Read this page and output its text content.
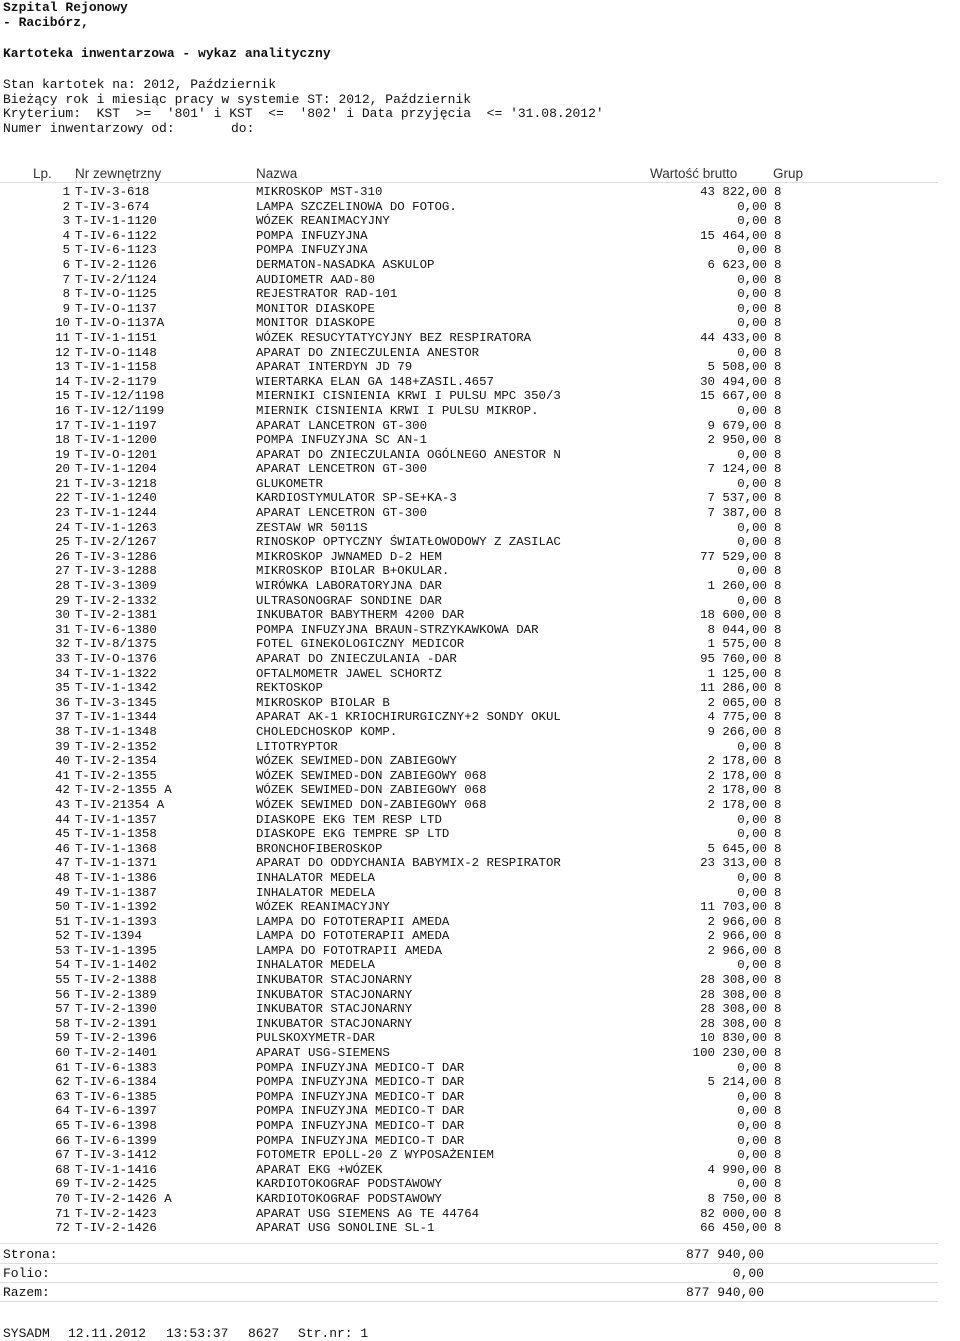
Szpital Rejonowy
- Racibórz,
Kartoteka inwentarzowa - wykaz analityczny
Stan kartotek na: 2012, Październik
Bieżący rok i miesiąc pracy w systemie ST: 2012, Październik
Kryterium:  KST  >=  '801' i KST  <=  '802' i Data przyjęcia  <= '31.08.2012'
Numer inwentarzowy od:	do:
Lp. Nr zewnętrzny	Nazwa	Wartość brutto	Grup
1 T-IV-3-618	MIKROSKOP MST-310	43 822,00 8
2 T-IV-3-674	LAMPA SZCZELINOWA DO FOTOG.	0,00 8
3 T-IV-1-1120	WÓZEK REANIMACYJNY	0,00 8
4 T-IV-6-1122	POMPA INFUZYJNA	15 464,00 8
5 T-IV-6-1123	POMPA INFUZYJNA	0,00 8
6 T-IV-2-1126	DERMATON-NASADKA ASKULOP	6 623,00 8
7 T-IV-2/1124	AUDIOMETR AAD-80	0,00 8
8 T-IV-O-1125	REJESTRATOR RAD-101	0,00 8
9 T-IV-O-1137	MONITOR DIASKOPE	0,00 8
10 T-IV-O-1137A	MONITOR DIASKOPE	0,00 8
11 T-IV-1-1151	WÓZEK RESUCYTATYCYJNY BEZ RESPIRATORA	44 433,00 8
12 T-IV-O-1148	APARAT DO ZNIECZULENIA ANESTOR	0,00 8
13 T-IV-1-1158	APARAT INTERDYN JD 79	5 508,00 8
14 T-IV-2-1179	WIERTARKA ELAN GA 148+ZASIL.4657	30 494,00 8
15 T-IV-12/1198	MIERNIKI CISNIENIA KRWI I PULSU MPC 350/3	15 667,00 8
16 T-IV-12/1199	MIERNIK CISNIENIA KRWI I PULSU MIKROP.	0,00 8
17 T-IV-1-1197	APARAT LANCETRON GT-300	9 679,00 8
18 T-IV-1-1200	POMPA INFUZYJNA SC AN-1	2 950,00 8
19 T-IV-O-1201	APARAT DO ZNIECZULANIA OGÓLNEGO ANESTOR N	0,00 8
20 T-IV-1-1204	APARAT LENCETRON GT-300	7 124,00 8
21 T-IV-3-1218	GLUKOMETR	0,00 8
22 T-IV-1-1240	KARDIOSTYMULATOR SP-SE+KA-3	7 537,00 8
23 T-IV-1-1244	APARAT LENCETRON GT-300	7 387,00 8
24 T-IV-1-1263	ZESTAW WR 5011S	0,00 8
25 T-IV-2/1267	RINOSKOP OPTYCZNY ŚWIATŁOWODOWY Z ZASILAC	0,00 8
26 T-IV-3-1286	MIKROSKOP JWNAMED D-2 HEM	77 529,00 8
27 T-IV-3-1288	MIKROSKOP BIOLAR B+OKULAR.	0,00 8
28 T-IV-3-1309	WIRÓWKA LABORATORYJNA DAR	1 260,00 8
29 T-IV-2-1332	ULTRASONOGRAF SONDINE DAR	0,00 8
30 T-IV-2-1381	INKUBATOR BABYTHERM 4200 DAR	18 600,00 8
31 T-IV-6-1380	POMPA INFUZYJNA BRAUN-STRZYKAWKOWA DAR	8 044,00 8
32 T-IV-8/1375	FOTEL GINEKOLOGICZNY MEDICOR	1 575,00 8
33 T-IV-O-1376	APARAT DO ZNIECZULANIA -DAR	95 760,00 8
34 T-IV-1-1322	OFTALMOMETR JAWEL SCHORTZ	1 125,00 8
35 T-IV-1-1342	REKTOSKOP	11 286,00 8
36 T-IV-3-1345	MIKROSKOP BIOLAR B	2 065,00 8
37 T-IV-1-1344	APARAT AK-1 KRIOCHIRURGICZNY+2 SONDY OKUL	4 775,00 8
38 T-IV-1-1348	CHOLEDCHOSKOP KOMP.	9 266,00 8
39 T-IV-2-1352	LITOTRYPTOR	0,00 8
40 T-IV-2-1354	WÓZEK SEWIMED-DON ZABIEGOWY	2 178,00 8
41 T-IV-2-1355	WÓZEK SEWIMED-DON ZABIEGOWY 068	2 178,00 8
42 T-IV-2-1355 A	WÓZEK SEWIMED-DON ZABIEGOWY 068	2 178,00 8
43 T-IV-21354 A	WÓZEK SEWIMED DON-ZABIEGOWY 068	2 178,00 8
44 T-IV-1-1357	DIASKOPE EKG TEM RESP LTD	0,00 8
45 T-IV-1-1358	DIASKOPE EKG TEMPRE SP LTD	0,00 8
46 T-IV-1-1368	BRONCHOFIBEROSKOP	5 645,00 8
47 T-IV-1-1371	APARAT DO ODDYCHANIA BABYMIX-2 RESPIRATOR	23 313,00 8
48 T-IV-1-1386	INHALATOR MEDELA	0,00 8
49 T-IV-1-1387	INHALATOR MEDELA	0,00 8
50 T-IV-1-1392	WÓZEK REANIMACYJNY	11 703,00 8
51 T-IV-1-1393	LAMPA DO FOTOTERAPII AMEDA	2 966,00 8
52 T-IV-1394	LAMPA DO FOTOTERAPII AMEDA	2 966,00 8
53 T-IV-1-1395	LAMPA DO FOTOTRAPII AMEDA	2 966,00 8
54 T-IV-1-1402	INHALATOR MEDELA	0,00 8
55 T-IV-2-1388	INKUBATOR STACJONARNY	28 308,00 8
56 T-IV-2-1389	INKUBATOR STACJONARNY	28 308,00 8
57 T-IV-2-1390	INKUBATOR STACJONARNY	28 308,00 8
58 T-IV-2-1391	INKUBATOR STACJONARNY	28 308,00 8
59 T-IV-2-1396	PULSKOXYMETR-DAR	10 830,00 8
60 T-IV-2-1401	APARAT USG-SIEMENS	100 230,00 8
61 T-IV-6-1383	POMPA INFUZYJNA MEDICO-T DAR	0,00 8
62 T-IV-6-1384	POMPA INFUZYJNA MEDICO-T DAR	5 214,00 8
63 T-IV-6-1385	POMPA INFUZYJNA MEDICO-T DAR	0,00 8
64 T-IV-6-1397	POMPA INFUZYJNA MEDICO-T DAR	0,00 8
65 T-IV-6-1398	POMPA INFUZYJNA MEDICO-T DAR	0,00 8
66 T-IV-6-1399	POMPA INFUZYJNA MEDICO-T DAR	0,00 8
67 T-IV-3-1412	FOTOMETR EPOLL-20 Z WYPOSAŻENIEM	0,00 8
68 T-IV-1-1416	APARAT EKG +WÓZEK	4 990,00 8
69 T-IV-2-1425	KARDIOTOKOGRAF PODSTAWOWY	0,00 8
70 T-IV-2-1426 A	KARDIOTOKOGRAF PODSTAWOWY	8 750,00 8
71 T-IV-2-1423	APARAT USG SIEMENS AG TE 44764	82 000,00 8
72 T-IV-2-1426	APARAT USG SONOLINE SL-1	66 450,00 8
Strona:	877 940,00
Folio:	0,00
Razem:	877 940,00
SYSADM 12.11.2012 13:53:37 8627 Str.nr: 1
